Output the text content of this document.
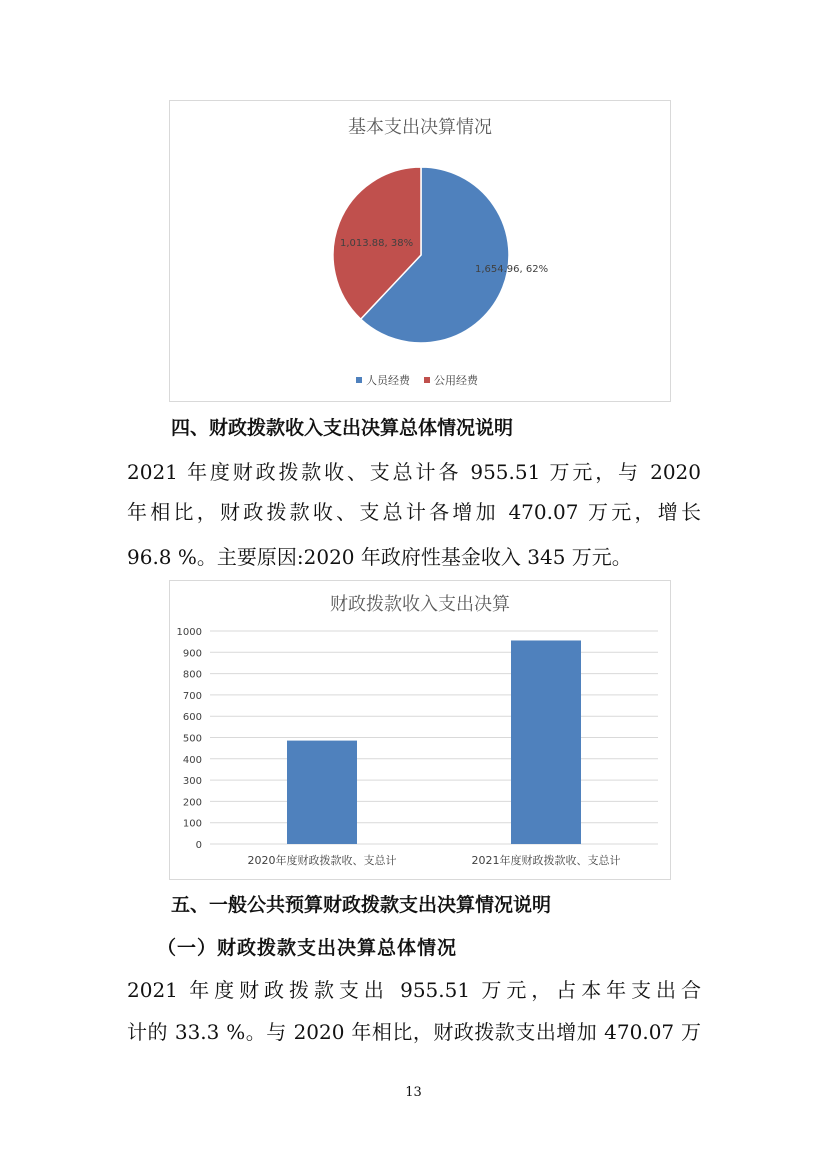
基本支出决算情况
1,654.96, 62%
1,013.88, 38%
人员经费 公用经费
四、财政拨款收入支出决算总体情况说明
2021 年度财政拨款收、支总计各 955.51 万元，与 2020
年相比，财政拨款收、支总计各增加 470.07 万元，增长
96.8 %。主要原因:2020 年政府性基金收入 345 万元。
财政拨款收入支出决算
0
100
200
300
400
500
600
700
800
900
1000
2020年度财政拨款收、支总计	2021年度财政拨款收、支总计
五、一般公共预算财政拨款支出决算情况说明
（一）财政拨款支出决算总体情况
2021 年度财政拨款支出 955.51 万元，占本年支出合
计的 33.3 %。与 2020 年相比，财政拨款支出增加 470.07 万
13
